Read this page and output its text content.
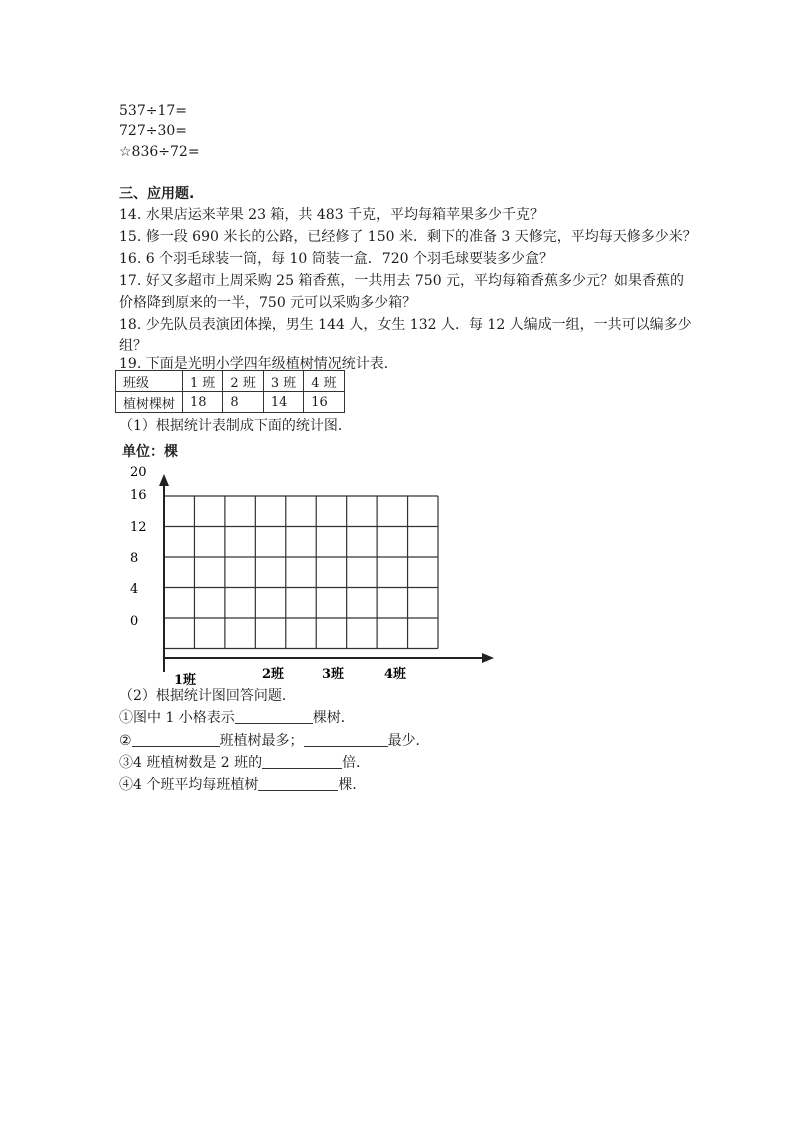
537÷17=
727÷30=
☆836÷72=
三、应用题.
14. 水果店运来苹果 23 箱，共 483 千克，平均每箱苹果多少千克？
15. 修一段 690 米长的公路，已经修了 150 米．剩下的准备 3 天修完，平均每天修多少米？
16. 6 个羽毛球装一筒，每 10 筒装一盒．720 个羽毛球要装多少盒？
17. 好又多超市上周采购 25 箱香蕉，一共用去 750 元，平均每箱香蕉多少元？如果香蕉的
价格降到原来的一半，750 元可以采购多少箱？
18. 少先队员表演团体操，男生 144 人，女生 132 人．每 12 人编成一组，一共可以编多少
组？
19. 下面是光明小学四年级植树情况统计表．
班级	1 班	2 班	3 班	4 班
植树棵树	18	8	14	16
（1）根据统计表制成下面的统计图．
单位：棵
20
16
12
8
4
0
1班	2班	3班	4班
（2）根据统计图回答问题．
①图中 1 小格表示	棵树．
②	班植树最多；	最少．
③4 班植树数是 2 班的	倍．
④4 个班平均每班植树	棵．
